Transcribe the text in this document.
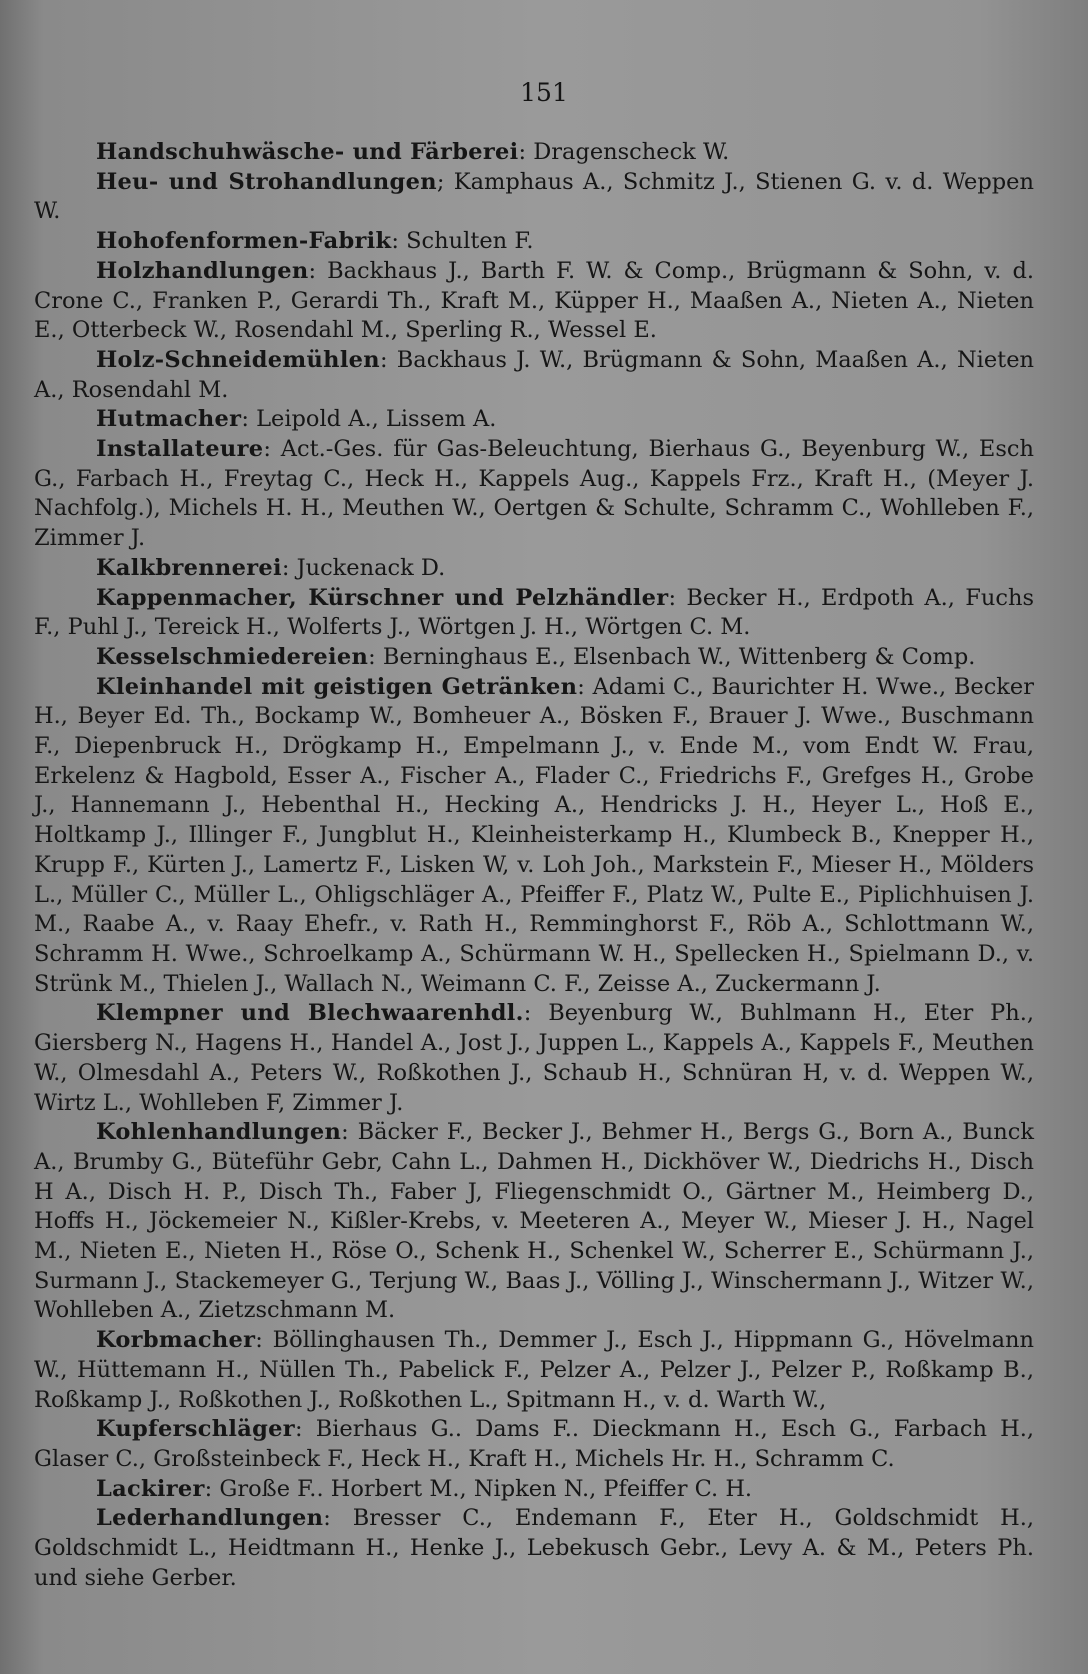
151

Handschuhwäsche- und Färberei: Dragenscheck W.

Heu- und Strohandlungen; Kamphaus A., Schmitz J., Stienen G. v. d. Weppen W.

Hohofenformen-Fabrik: Schulten F.

Holzhandlungen: Backhaus J., Barth F. W. & Comp., Brügmann & Sohn, v. d. Crone C., Franken P., Gerardi Th., Kraft M., Küpper H., Maaßen A., Nieten A., Nieten E., Otterbeck W., Rosendahl M., Sperling R., Wessel E.

Holz-Schneidemühlen: Backhaus J. W., Brügmann & Sohn, Maaßen A., Nieten A., Rosendahl M.

Hutmacher: Leipold A., Lissem A.

Installateure: Act.-Ges. für Gas-Beleuchtung, Bierhaus G., Beyenburg W., Esch G., Farbach H., Freytag C., Heck H., Kappels Aug., Kappels Frz., Kraft H., (Meyer J. Nachfolg.), Michels H. H., Meuthen W., Oertgen & Schulte, Schramm C., Wohlleben F., Zimmer J.

Kalkbrennerei: Juckenack D.

Kappenmacher, Kürschner und Pelzhändler: Becker H., Erdpoth A., Fuchs F., Puhl J., Tereick H., Wolferts J., Wörtgen J. H., Wörtgen C. M.

Kesselschmiedereien: Berninghaus E., Elsenbach W., Wittenberg & Comp.

Kleinhandel mit geistigen Getränken: Adami C., Baurichter H. Wwe., Becker H., Beyer Ed. Th., Bockamp W., Bomheuer A., Bösken F., Brauer J. Wwe., Buschmann F., Diepenbruck H., Drögkamp H., Empelmann J., v. Ende M., vom Endt W. Frau, Erkelenz & Hagbold, Esser A., Fischer A., Flader C., Friedrichs F., Grefges H., Grobe J., Hannemann J., Hebenthal H., Hecking A., Hendricks J. H., Heyer L., Hoß E., Holtkamp J., Illinger F., Jungblut H., Kleinheisterkamp H., Klumbeck B., Knepper H., Krupp F., Kürten J., Lamertz F., Lisken W, v. Loh Joh., Markstein F., Mieser H., Mölders L., Müller C., Müller L., Ohligschläger A., Pfeiffer F., Platz W., Pulte E., Piplichhuisen J. M., Raabe A., v. Raay Ehefr., v. Rath H., Remminghorst F., Röb A., Schlottmann W., Schramm H. Wwe., Schroelkamp A., Schürmann W. H., Spellecken H., Spielmann D., v. Strünk M., Thielen J., Wallach N., Weimann C. F., Zeisse A., Zuckermann J.

Klempner und Blechwaarenhdl.: Beyenburg W., Buhlmann H., Eter Ph., Giersberg N., Hagens H., Handel A., Jost J., Juppen L., Kappels A., Kappels F., Meuthen W., Olmesdahl A., Peters W., Roßkothen J., Schaub H., Schnüran H, v. d. Weppen W., Wirtz L., Wohlleben F, Zimmer J.

Kohlenhandlungen: Bäcker F., Becker J., Behmer H., Bergs G., Born A., Bunck A., Brumby G., Büteführ Gebr, Cahn L., Dahmen H., Dickhöver W., Diedrichs H., Disch H A., Disch H. P., Disch Th., Faber J, Fliegenschmidt O., Gärtner M., Heimberg D., Hoffs H., Jöckemeier N., Kißler-Krebs, v. Meeteren A., Meyer W., Mieser J. H., Nagel M., Nieten E., Nieten H., Röse O., Schenk H., Schenkel W., Scherrer E., Schürmann J., Surmann J., Stackemeyer G., Terjung W., Baas J., Völling J., Winschermann J., Witzer W., Wohlleben A., Zietzschmann M.

Korbmacher: Böllinghausen Th., Demmer J., Esch J., Hippmann G., Hövelmann W., Hüttemann H., Nüllen Th., Pabelick F., Pelzer A., Pelzer J., Pelzer P., Roßkamp B., Roßkamp J., Roßkothen J., Roßkothen L., Spitmann H., v. d. Warth W.,

Kupferschläger: Bierhaus G.. Dams F.. Dieckmann H., Esch G., Farbach H., Glaser C., Großsteinbeck F., Heck H., Kraft H., Michels Hr. H., Schramm C.

Lackirer: Große F.. Horbert M., Nipken N., Pfeiffer C. H.

Lederhandlungen: Bresser C., Endemann F., Eter H., Goldschmidt H., Goldschmidt L., Heidtmann H., Henke J., Lebekusch Gebr., Levy A. & M., Peters Ph. und siehe Gerber.
